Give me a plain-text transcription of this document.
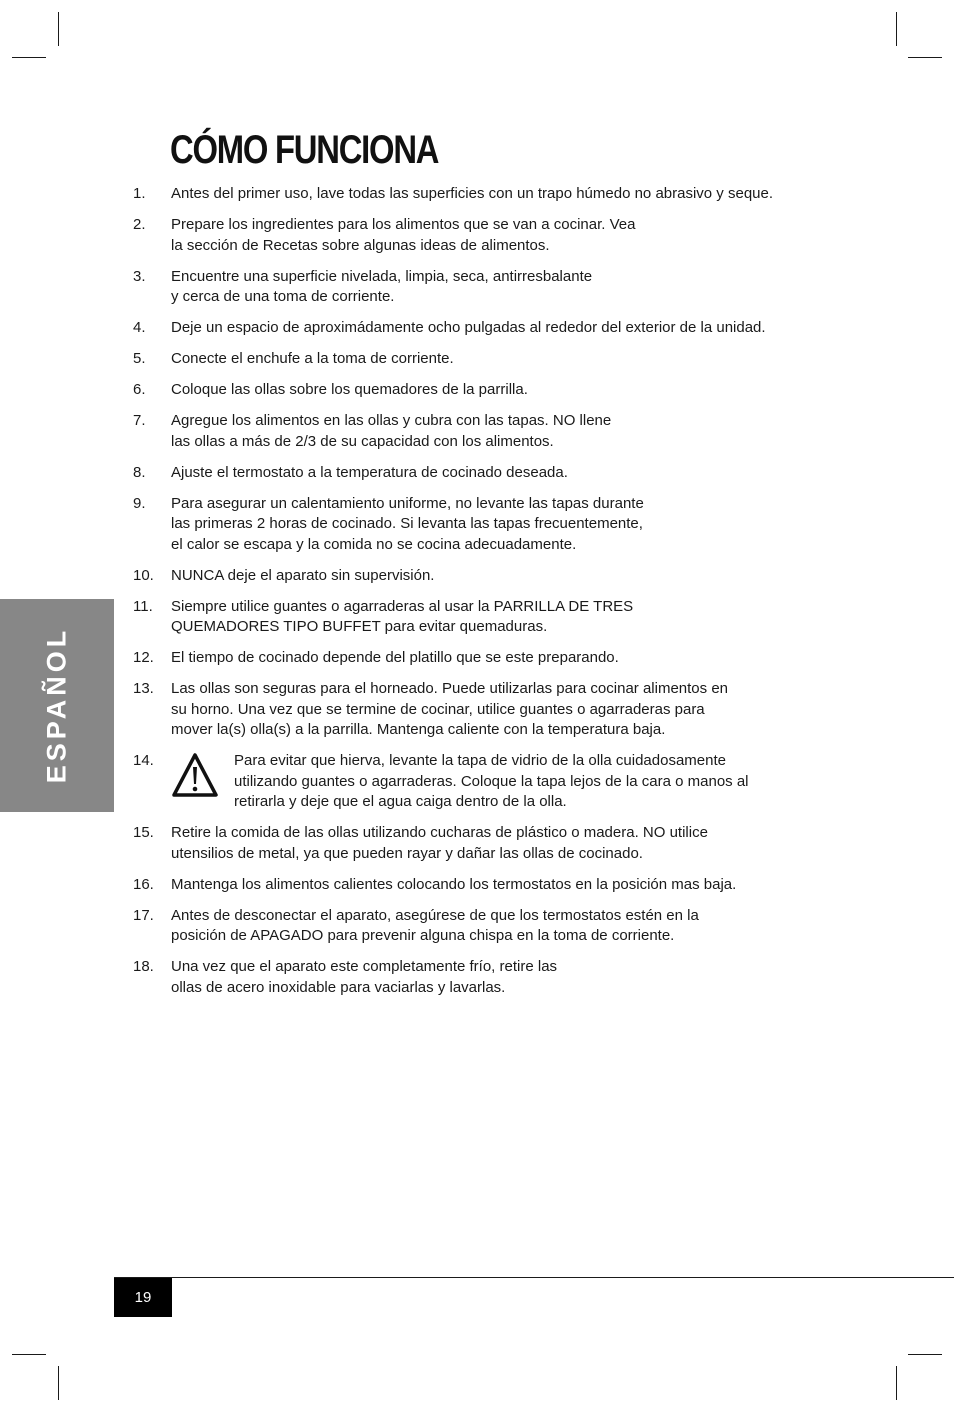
CÓMO FUNCIONA
1.	Antes del primer uso, lave todas las superficies con un trapo húmedo no abrasivo y seque.
2.	Prepare los ingredientes para los alimentos que se van a cocinar. Vea
la sección de Recetas sobre algunas ideas de alimentos.
3.	Encuentre una superficie nivelada, limpia, seca, antirresbalante
y cerca de una toma de corriente.
4.	Deje un espacio de aproximádamente ocho pulgadas al rededor del exterior de la unidad.
5.	Conecte el enchufe a la toma de corriente.
6.	Coloque las ollas sobre los quemadores de la parrilla.
7.	Agregue los alimentos en las ollas y cubra con las tapas. NO llene
las ollas a más de 2/3 de su capacidad con los alimentos.
8.	Ajuste el termostato a la temperatura de cocinado deseada.
9.	Para asegurar un calentamiento uniforme, no levante las tapas durante
las primeras 2 horas de cocinado. Si levanta las tapas frecuentemente,
el calor se escapa y la comida no se cocina adecuadamente.
10.	NUNCA deje el aparato sin supervisión.
11.	Siempre utilice guantes o agarraderas al usar la PARRILLA DE TRES
QUEMADORES TIPO BUFFET para evitar quemaduras.
12.	El tiempo de cocinado depende del platillo que se este preparando.
13.	Las ollas son seguras para el horneado. Puede utilizarlas para cocinar alimentos en
su horno. Una vez que se termine de cocinar, utilice guantes o agarraderas para
mover la(s) olla(s) a la parrilla. Mantenga caliente con la temperatura baja.
14.	Para evitar que hierva, levante la tapa de vidrio de la olla cuidadosamente
utilizando guantes o agarraderas. Coloque la tapa lejos de la cara o manos al
retirarla y deje que el agua caiga dentro de la olla.
15.	Retire la comida de las ollas utilizando cucharas de plástico o madera. NO utilice
utensilios de metal, ya que pueden rayar y dañar las ollas de cocinado.
16.	Mantenga los alimentos calientes colocando los termostatos en la posición mas baja.
17.	Antes de desconectar el aparato, asegúrese de que los termostatos estén en la
posición de APAGADO para prevenir alguna chispa en la toma de corriente.
18.	Una vez que el aparato este completamente frío, retire las
ollas de acero inoxidable para vaciarlas y lavarlas.
ESPAÑOL
19
